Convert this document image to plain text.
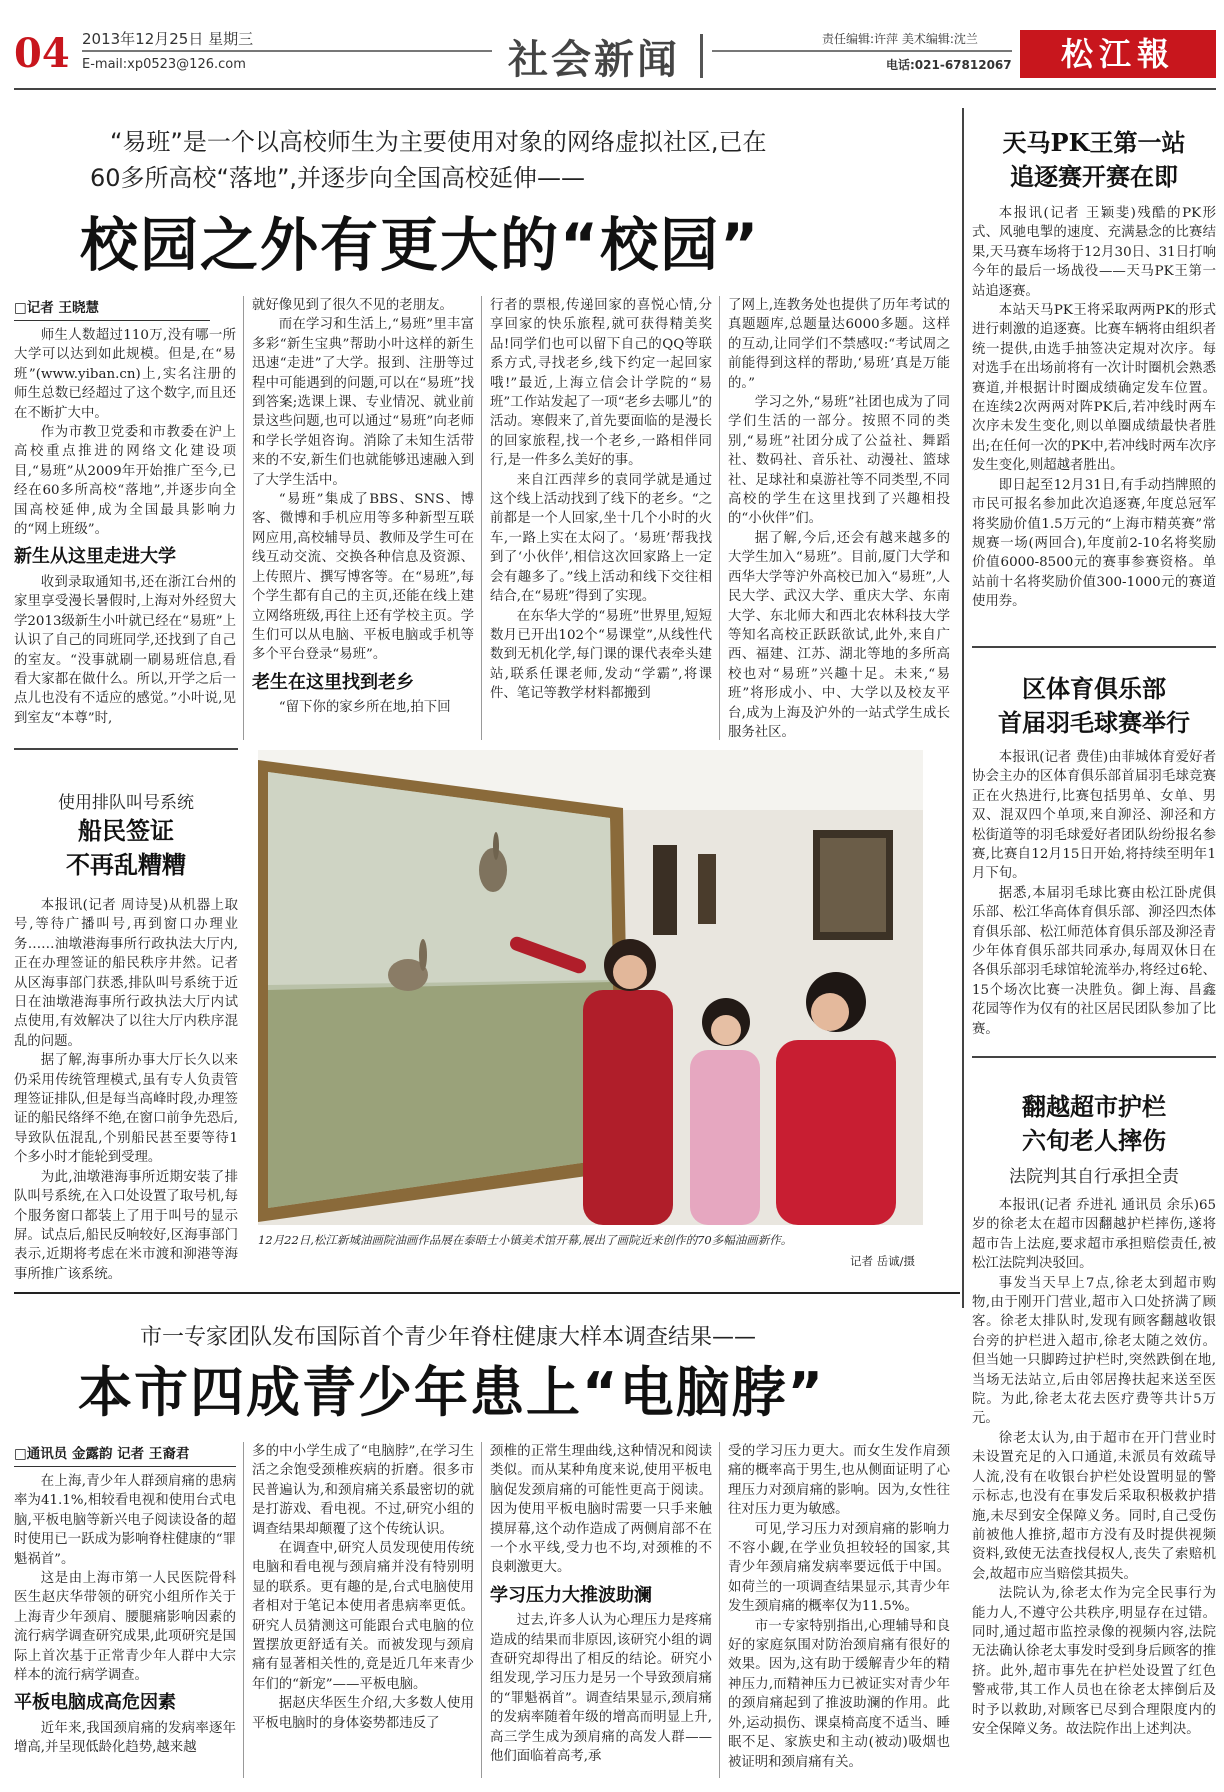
04 2013年12月25日 星期三
E-mail:xp0523@126.com	社会新闻	责任编辑:许萍 美术编辑:沈兰
电话:021-67812067	松江報
“易班”是一个以高校师生为主要使用对象的网络虚拟社区,已在
60多所高校“落地”,并逐步向全国高校延伸——
校园之外有更大的“校园”
□记者 王晓慧

师生人数超过110万,没有哪一所大学可以达到如此规模。但是,在“易班”(www.yiban.cn)上,实名注册的师生总数已经超过了这个数字,而且还在不断扩大中。

作为市教卫党委和市教委在沪上高校重点推进的网络文化建设项目,“易班”从2009年开始推广至今,已经在60多所高校“落地”,并逐步向全国高校延伸,成为全国最具影响力的“网上班级”。

新生从这里走进大学

收到录取通知书,还在浙江台州的家里享受漫长暑假时,上海对外经贸大学2013级新生小叶就已经在“易班”上认识了自己的同班同学,还找到了自己的室友。“没事就刷一刷易班信息,看看大家都在做什么。所以,开学之后一点儿也没有不适应的感觉。”小叶说,见到室友“本尊”时,

就好像见到了很久不见的老朋友。

而在学习和生活上,“易班”里丰富多彩“新生宝典”帮助小叶这样的新生迅速“走进”了大学。报到、注册等过程中可能遇到的问题,可以在“易班”找到答案;选课上课、专业情况、就业前景这些问题,也可以通过“易班”向老师和学长学姐咨询。消除了未知生活带来的不安,新生们也就能够迅速融入到了大学生活中。

“易班”集成了BBS、SNS、博客、微博和手机应用等多种新型互联网应用,高校辅导员、教师及学生可在线互动交流、交换各种信息及资源、上传照片、撰写博客等。在“易班”,每个学生都有自己的主页,还能在线上建立网络班级,再往上还有学校主页。学生们可以从电脑、平板电脑或手机等多个平台登录“易班”。

老生在这里找到老乡

“留下你的家乡所在地,拍下回

行者的票根,传递回家的喜悦心情,分享回家的快乐旅程,就可获得精美奖品!同学们也可以留下自己的QQ等联系方式,寻找老乡,线下约定一起回家哦!”最近,上海立信会计学院的“易班”工作站发起了一项“老乡去哪儿”的活动。寒假来了,首先要面临的是漫长的回家旅程,找一个老乡,一路相伴同行,是一件多么美好的事。

来自江西萍乡的袁同学就是通过这个线上活动找到了线下的老乡。“之前都是一个人回家,坐十几个小时的火车,一路上实在太闷了。‘易班’帮我找到了‘小伙伴’,相信这次回家路上一定会有趣多了。”线上活动和线下交往相结合,在“易班”得到了实现。

在东华大学的“易班”世界里,短短数月已开出102个“易课堂”,从线性代数到无机化学,每门课的课代表牵头建站,联系任课老师,发动“学霸”,将课件、笔记等教学材料都搬到

了网上,连教务处也提供了历年考试的真题题库,总题量达6000多题。这样的互动,让同学们不禁感叹:“考试周之前能得到这样的帮助,‘易班’真是万能的。”

学习之外,“易班”社团也成为了同学们生活的一部分。按照不同的类别,“易班”社团分成了公益社、舞蹈社、数码社、音乐社、动漫社、篮球社、足球社和桌游社等不同类型,不同高校的学生在这里找到了兴趣相投的“小伙伴”们。

据了解,今后,还会有越来越多的大学生加入“易班”。目前,厦门大学和西华大学等沪外高校已加入“易班”,人民大学、武汉大学、重庆大学、东南大学、东北师大和西北农林科技大学等知名高校正跃跃欲试,此外,来自广西、福建、江苏、湖北等地的多所高校也对“易班”兴趣十足。未来,“易班”将形成小、中、大学以及校友平台,成为上海及沪外的一站式学生成长服务社区。

使用排队叫号系统
船民签证
不再乱糟糟

本报讯(记者 周诗旻)从机器上取号,等待广播叫号,再到窗口办理业务……油墩港海事所行政执法大厅内,正在办理签证的船民秩序井然。记者从区海事部门获悉,排队叫号系统于近日在油墩港海事所行政执法大厅内试点使用,有效解决了以往大厅内秩序混乱的问题。

据了解,海事所办事大厅长久以来仍采用传统管理模式,虽有专人负责管理签证排队,但是每当高峰时段,办理签证的船民络绎不绝,在窗口前争先恐后,导致队伍混乱,个别船民甚至要等待1个多小时才能轮到受理。

为此,油墩港海事所近期安装了排队叫号系统,在入口处设置了取号机,每个服务窗口都装上了用于叫号的显示屏。试点后,船民反响较好,区海事部门表示,近期将考虑在米市渡和泖港等海事所推广该系统。

12月22日,松江新城油画院油画作品展在泰晤士小镇美术馆开幕,展出了画院近来创作的70多幅油画新作。
记者 岳诚/摄
天马PK王第一站
追逐赛开赛在即

本报讯(记者 王颖斐)残酷的PK形式、风驰电掣的速度、充满悬念的比赛结果,天马赛车场将于12月30日、31日打响今年的最后一场战役——天马PK王第一站追逐赛。

本站天马PK王将采取两两PK的形式进行刺激的追逐赛。比赛车辆将由组织者统一提供,由选手抽签决定規对次序。每对选手在出场前将有一次计时圈机会熟悉赛道,并根据计时圈成绩确定发车位置。在连续2次两两对阵PK后,若冲线时两车次序未发生变化,则以单圈成绩最快者胜出;在任何一次的PK中,若冲线时两车次序发生变化,则超越者胜出。

即日起至12月31日,有手动挡牌照的市民可报名参加此次追逐赛,年度总冠军将奖励价值1.5万元的“上海市精英赛”常规赛一场(两回合),年度前2-10名将奖励价值6000-8500元的赛事参赛资格。单站前十名将奖励价值300-1000元的赛道使用券。

区体育俱乐部
首届羽毛球赛举行

本报讯(记者 费佳)由菲城体育爱好者协会主办的区体育俱乐部首届羽毛球竞赛正在火热进行,比赛包括男单、女单、男双、混双四个单项,来自泖泾、泖泾和方松街道等的羽毛球爱好者团队纷纷报名参赛,比赛自12月15日开始,将持续至明年1月下旬。

据悉,本届羽毛球比赛由松江卧虎俱乐部、松江华高体育俱乐部、泖泾四杰体育俱乐部、松江师范体育俱乐部及泖泾青少年体育俱乐部共同承办,每周双休日在各俱乐部羽毛球馆轮流举办,将经过6轮、15个场次比赛一决胜负。御上海、昌鑫花园等作为仅有的社区居民团队参加了比赛。

翻越超市护栏
六旬老人摔伤
法院判其自行承担全责

本报讯(记者 乔进礼 通讯员 余乐)65岁的徐老太在超市因翻越护栏摔伤,遂将超市告上法庭,要求超市承担赔偿责任,被松江法院判决驳回。

事发当天早上7点,徐老太到超市购物,由于刚开门营业,超市入口处挤满了顾客。徐老太排队时,发现有顾客翻越收银台旁的护栏进入超市,徐老太随之效仿。但当她一只脚跨过护栏时,突然跌倒在地,当场无法站立,后由邻居搀扶起来送至医院。为此,徐老太花去医疗费等共计5万元。

徐老太认为,由于超市在开门营业时未设置充足的入口通道,未派员有效疏导人流,没有在收银台护栏处设置明显的警示标志,也没有在事发后采取积极救护措施,未尽到安全保障义务。同时,自己受伤前被他人推挤,超市方没有及时提供视频资料,致使无法查找侵权人,丧失了索赔机会,故超市应当赔偿其损失。

法院认为,徐老太作为完全民事行为能力人,不遵守公共秩序,明显存在过错。同时,通过超市监控录像的视频内容,法院无法确认徐老太事发时受到身后顾客的推挤。此外,超市事先在护栏处设置了红色警戒带,其工作人员也在徐老太摔倒后及时予以救助,对顾客已尽到合理限度内的安全保障义务。故法院作出上述判决。

市一专家团队发布国际首个青少年脊柱健康大样本调查结果——
本市四成青少年患上“电脑脖”
□通讯员 金露韵 记者 王裔君

在上海,青少年人群颈肩痛的患病率为41.1%,相较看电视和使用台式电脑,平板电脑等新兴电子阅读设备的超时使用已一跃成为影响脊柱健康的“罪魁祸首”。

这是由上海市第一人民医院骨科医生赵庆华带领的研究小组所作关于上海青少年颈肩、腰腿痛影响因素的流行病学调查研究成果,此项研究是国际上首次基于正常青少年人群中大宗样本的流行病学调查。

平板电脑成高危因素

近年来,我国颈肩痛的发病率逐年增高,并呈现低龄化趋势,越来越

多的中小学生成了“电脑脖”,在学习生活之余饱受颈椎疾病的折磨。很多市民普遍认为,和颈肩痛关系最密切的就是打游戏、看电视。不过,研究小组的调查结果却颠覆了这个传统认识。

在调查中,研究人员发现使用传统电脑和看电视与颈肩痛并没有特别明显的联系。更有趣的是,台式电脑使用者相对于笔记本使用者患病率更低。研究人员猜测这可能跟台式电脑的位置摆放更舒适有关。而被发现与颈肩痛有显著相关性的,竟是近几年来青少年们的“新宠”——平板电脑。

据赵庆华医生介绍,大多数人使用平板电脑时的身体姿势都违反了

颈椎的正常生理曲线,这种情况和阅读类似。而从某种角度来说,使用平板电脑促发颈肩痛的可能性更高于阅读。因为使用平板电脑时需要一只手来触摸屏幕,这个动作造成了两侧肩部不在一个水平线,受力也不均,对颈椎的不良刺激更大。

学习压力大推波助澜

过去,许多人认为心理压力是疼痛造成的结果而非原因,该研究小组的调查研究却得出了相反的结论。研究小组发现,学习压力是另一个导致颈肩痛的“罪魁祸首”。调查结果显示,颈肩痛的发病率随着年级的增高而明显上升,高三学生成为颈肩痛的高发人群——他们面临着高考,承

受的学习压力更大。而女生发作肩颈痛的概率高于男生,也从侧面证明了心理压力对颈肩痛的影响。因为,女性往往对压力更为敏感。

可见,学习压力对颈肩痛的影响力不容小觑,在学业负担较轻的国家,其青少年颈肩痛发病率要远低于中国。如荷兰的一项调查结果显示,其青少年发生颈肩痛的概率仅为11.5%。

市一专家特别指出,心理辅导和良好的家庭氛围对防治颈肩痛有很好的效果。因为,这有助于缓解青少年的精神压力,而精神压力已被证实对青少年的颈肩痛起到了推波助澜的作用。此外,运动损伤、课桌椅高度不适当、睡眠不足、家族史和主动(被动)吸烟也被证明和颈肩痛有关。
